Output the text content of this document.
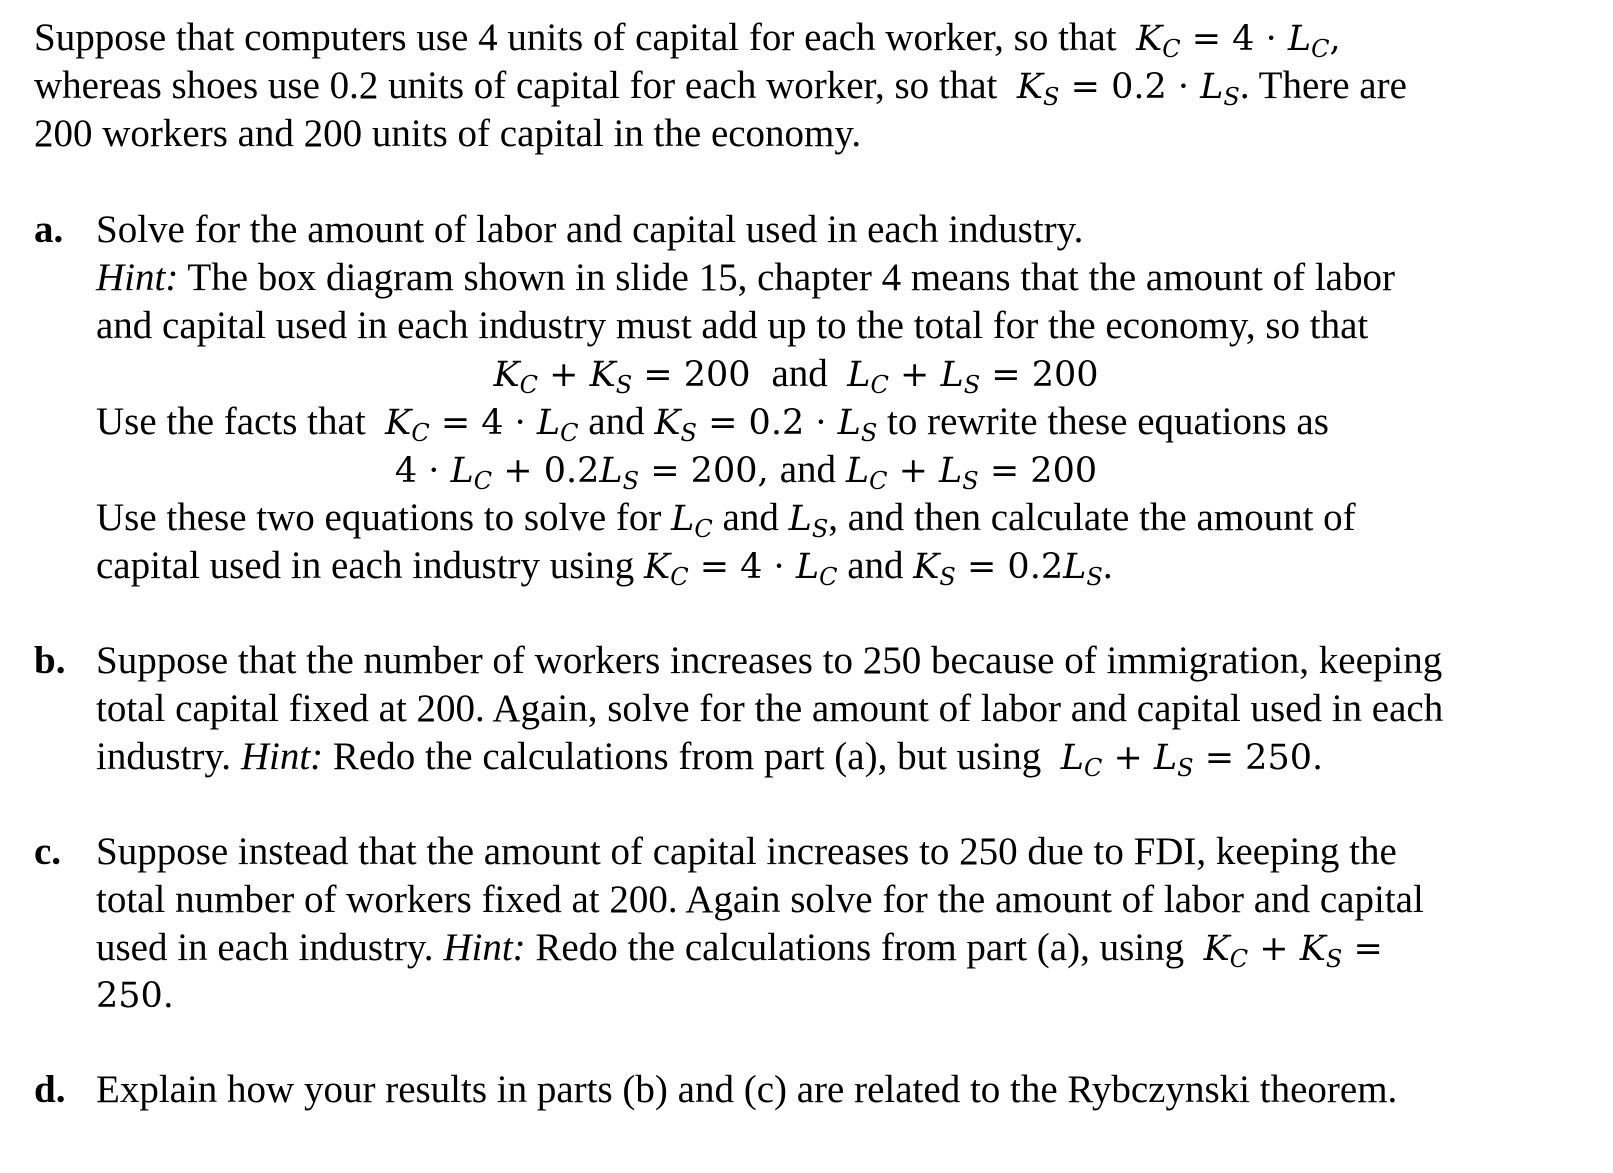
Suppose that computers use 4 units of capital for each worker, so that $K_C = 4 \cdot L_C$,
whereas shoes use 0.2 units of capital for each worker, so that $K_S = 0.2 \cdot L_S$. There are
200 workers and 200 units of capital in the economy.
a. Solve for the amount of labor and capital used in each industry.
Hint: The box diagram shown in slide 15, chapter 4 means that the amount of labor
and capital used in each industry must add up to the total for the economy, so that
$K_C + K_S = 200$  and $L_C + L_S = 200$
Use the facts that $K_C = 4 \cdot L_C$ and $K_S = 0.2 \cdot L_S$ to rewrite these equations as
$4 \cdot L_C + 0.2L_S = 200$, and $L_C + L_S = 200$
Use these two equations to solve for $L_C$ and $L_S$, and then calculate the amount of
capital used in each industry using $K_C = 4 \cdot L_C$ and $K_S = 0.2L_S$.
b. Suppose that the number of workers increases to 250 because of immigration, keeping
total capital fixed at 200. Again, solve for the amount of labor and capital used in each
industry. Hint: Redo the calculations from part (a), but using $L_C + L_S = 250$.
c. Suppose instead that the amount of capital increases to 250 due to FDI, keeping the
total number of workers fixed at 200. Again solve for the amount of labor and capital
used in each industry. Hint: Redo the calculations from part (a), using $K_C + K_S$ =
250.
d. Explain how your results in parts (b) and (c) are related to the Rybczynski theorem.
